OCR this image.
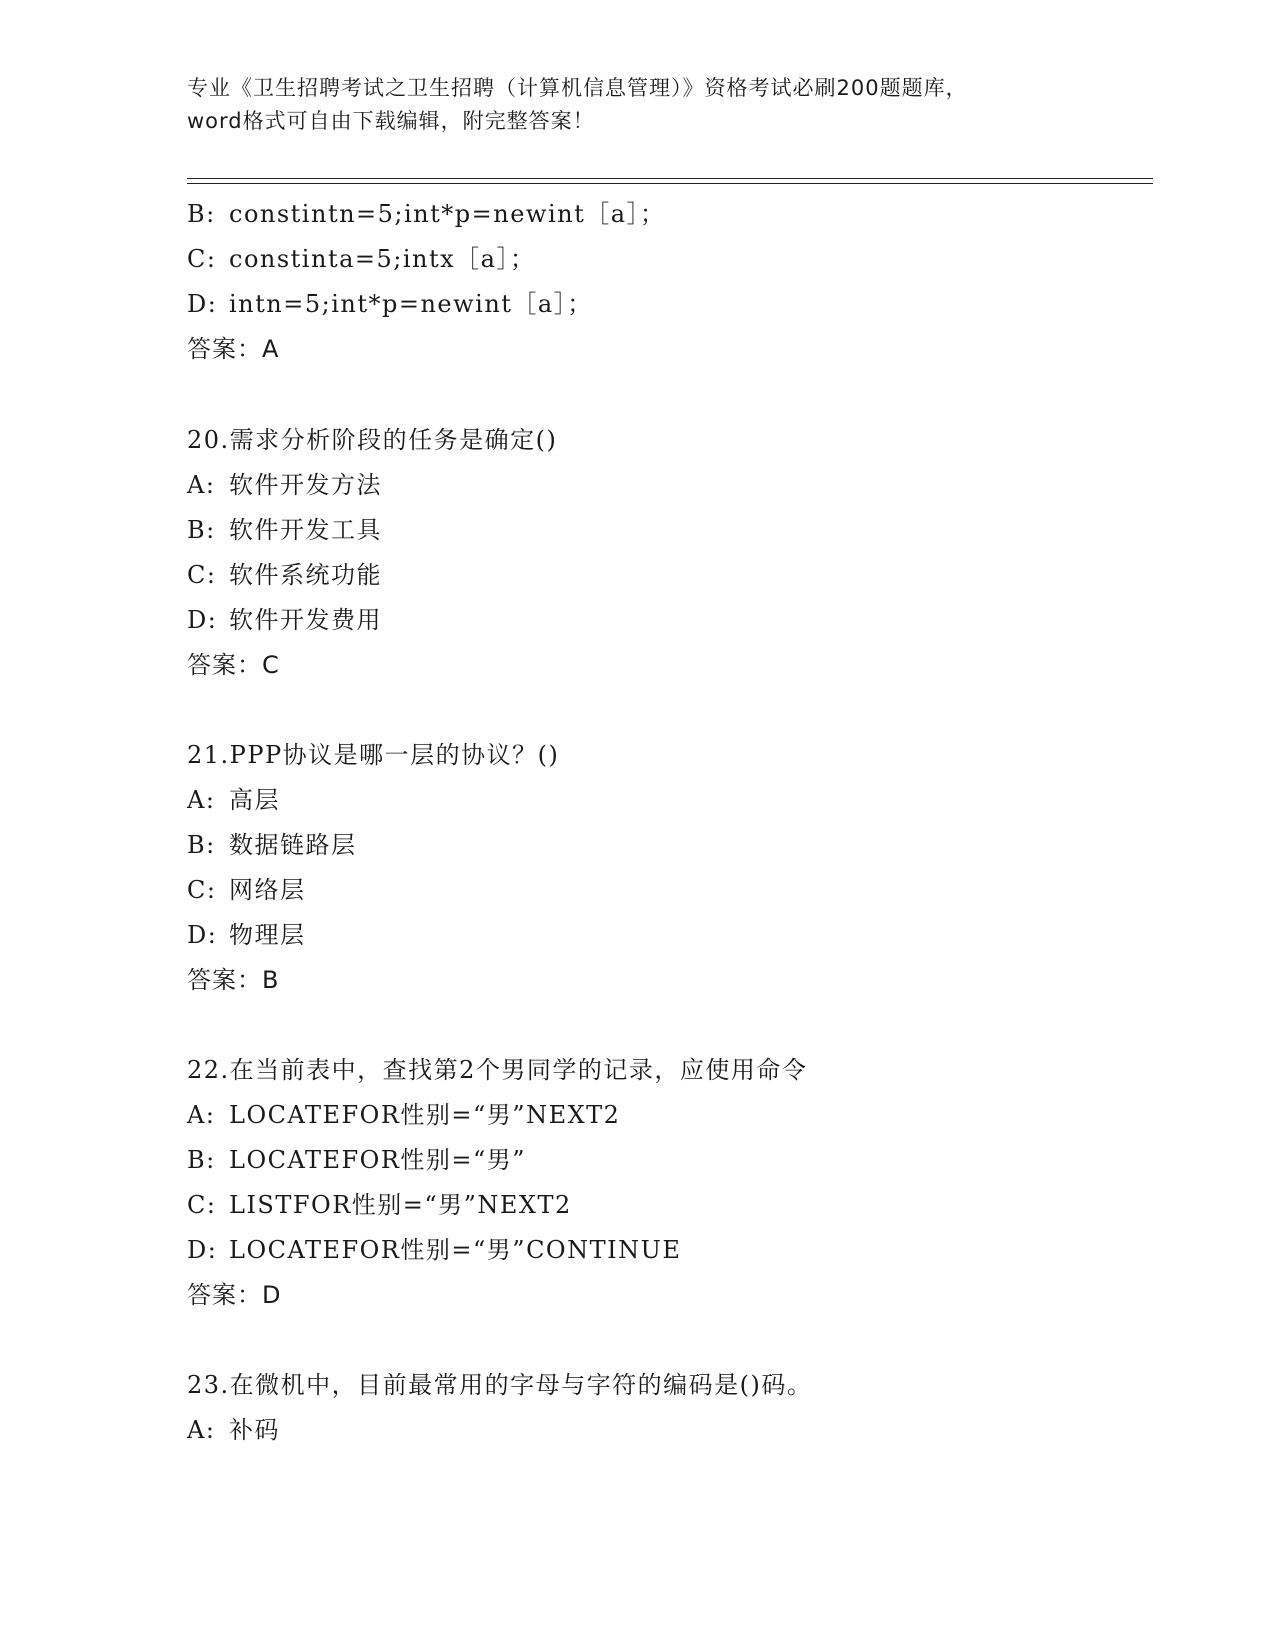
专业《卫生招聘考试之卫生招聘（计算机信息管理）》资格考试必刷200题题库，
word格式可自由下载编辑，附完整答案！
B: constintn=5;int*p=newint［a］；
C: constinta=5;intx［a］；
D: intn=5;int*p=newint［a］；
答案：A
20.需求分析阶段的任务是确定()
A: 软件开发方法
B: 软件开发工具
C: 软件系统功能
D: 软件开发费用
答案：C
21.PPP协议是哪一层的协议？()
A: 高层
B: 数据链路层
C: 网络层
D: 物理层
答案：B
22.在当前表中，查找第2个男同学的记录，应使用命令
A: LOCATEFOR性别=“男”NEXT2
B: LOCATEFOR性别=“男”
C: LISTFOR性别=“男”NEXT2
D: LOCATEFOR性别=“男”CONTINUE
答案：D
23.在微机中，目前最常用的字母与字符的编码是()码。
A: 补码
